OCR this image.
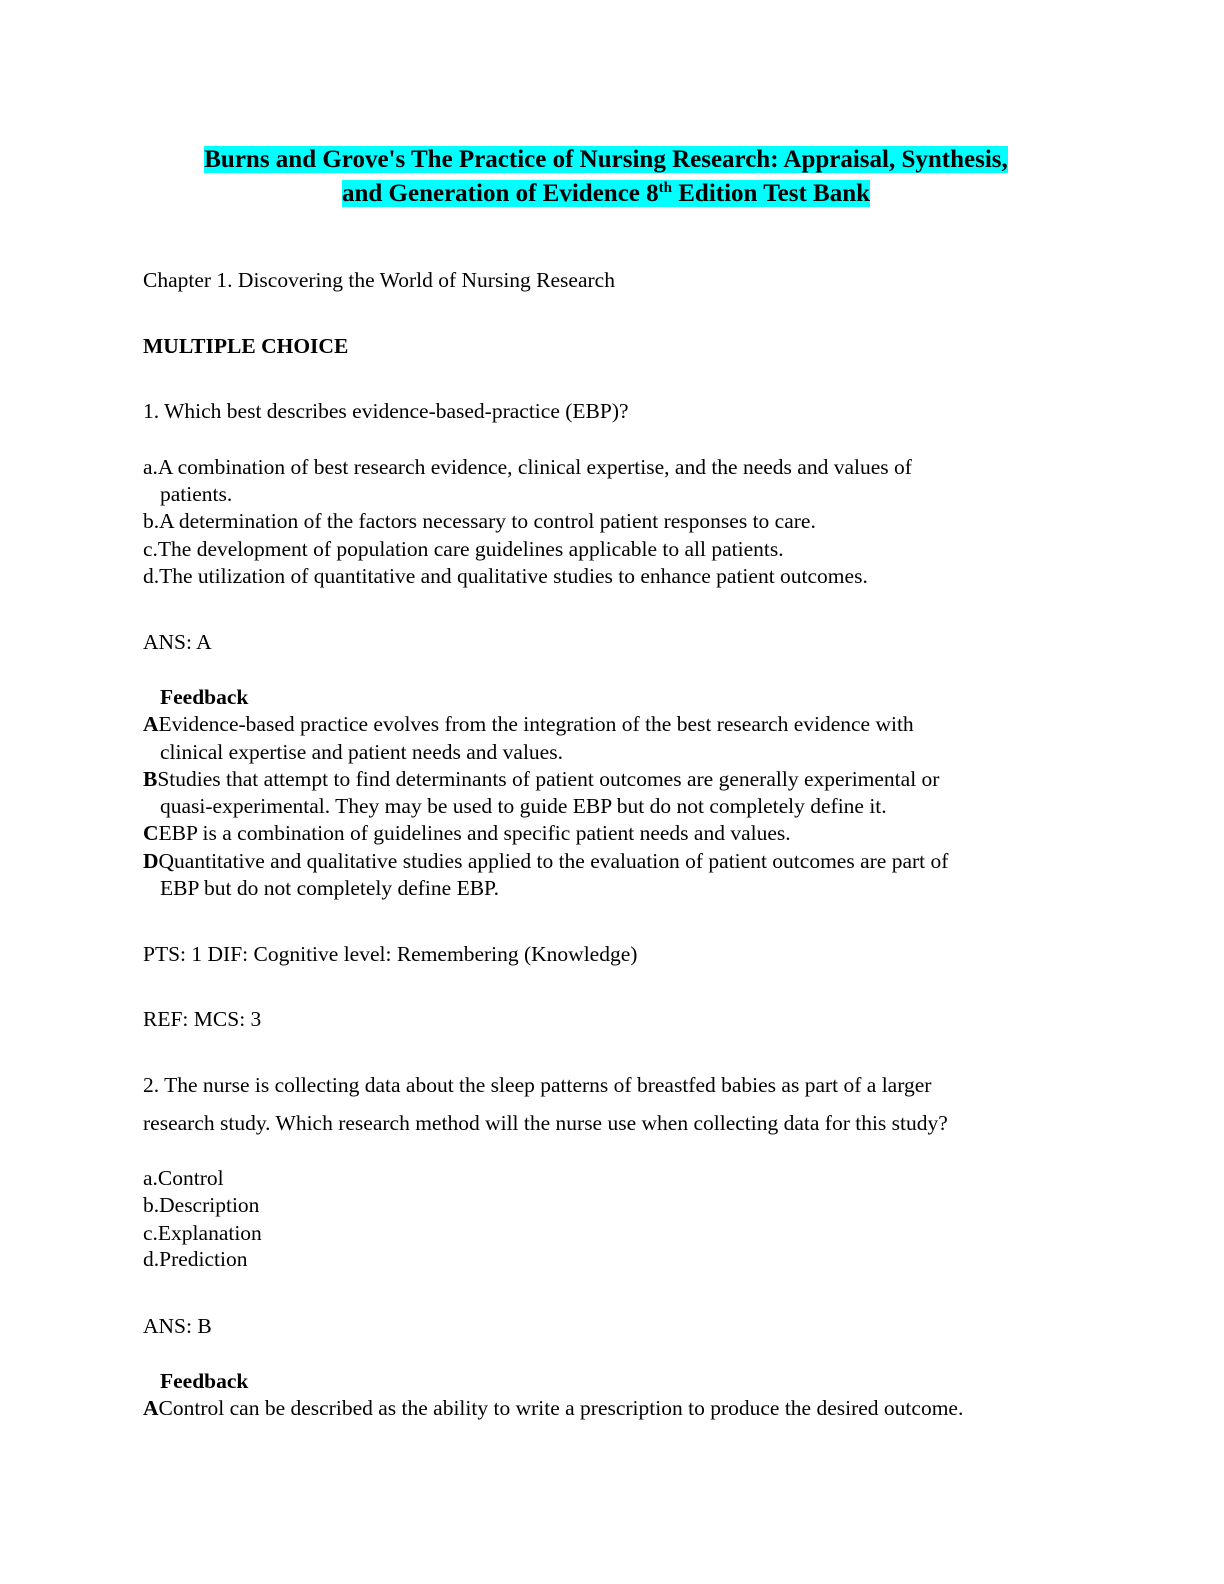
Burns and Grove's The Practice of Nursing Research: Appraisal, Synthesis,
and Generation of Evidence 8th Edition Test Bank
Chapter 1. Discovering the World of Nursing Research
MULTIPLE CHOICE
1. Which best describes evidence-based-practice (EBP)?
a.A combination of best research evidence, clinical expertise, and the needs and values of
patients.
b.A determination of the factors necessary to control patient responses to care.
c.The development of population care guidelines applicable to all patients.
d.The utilization of quantitative and qualitative studies to enhance patient outcomes.
ANS: A
Feedback
AEvidence-based practice evolves from the integration of the best research evidence with
clinical expertise and patient needs and values.
BStudies that attempt to find determinants of patient outcomes are generally experimental or
quasi-experimental. They may be used to guide EBP but do not completely define it.
CEBP is a combination of guidelines and specific patient needs and values.
DQuantitative and qualitative studies applied to the evaluation of patient outcomes are part of
EBP but do not completely define EBP.
PTS: 1 DIF: Cognitive level: Remembering (Knowledge)
REF: MCS: 3
2. The nurse is collecting data about the sleep patterns of breastfed babies as part of a larger
research study. Which research method will the nurse use when collecting data for this study?
a.Control
b.Description
c.Explanation
d.Prediction
ANS: B
Feedback
AControl can be described as the ability to write a prescription to produce the desired outcome.
